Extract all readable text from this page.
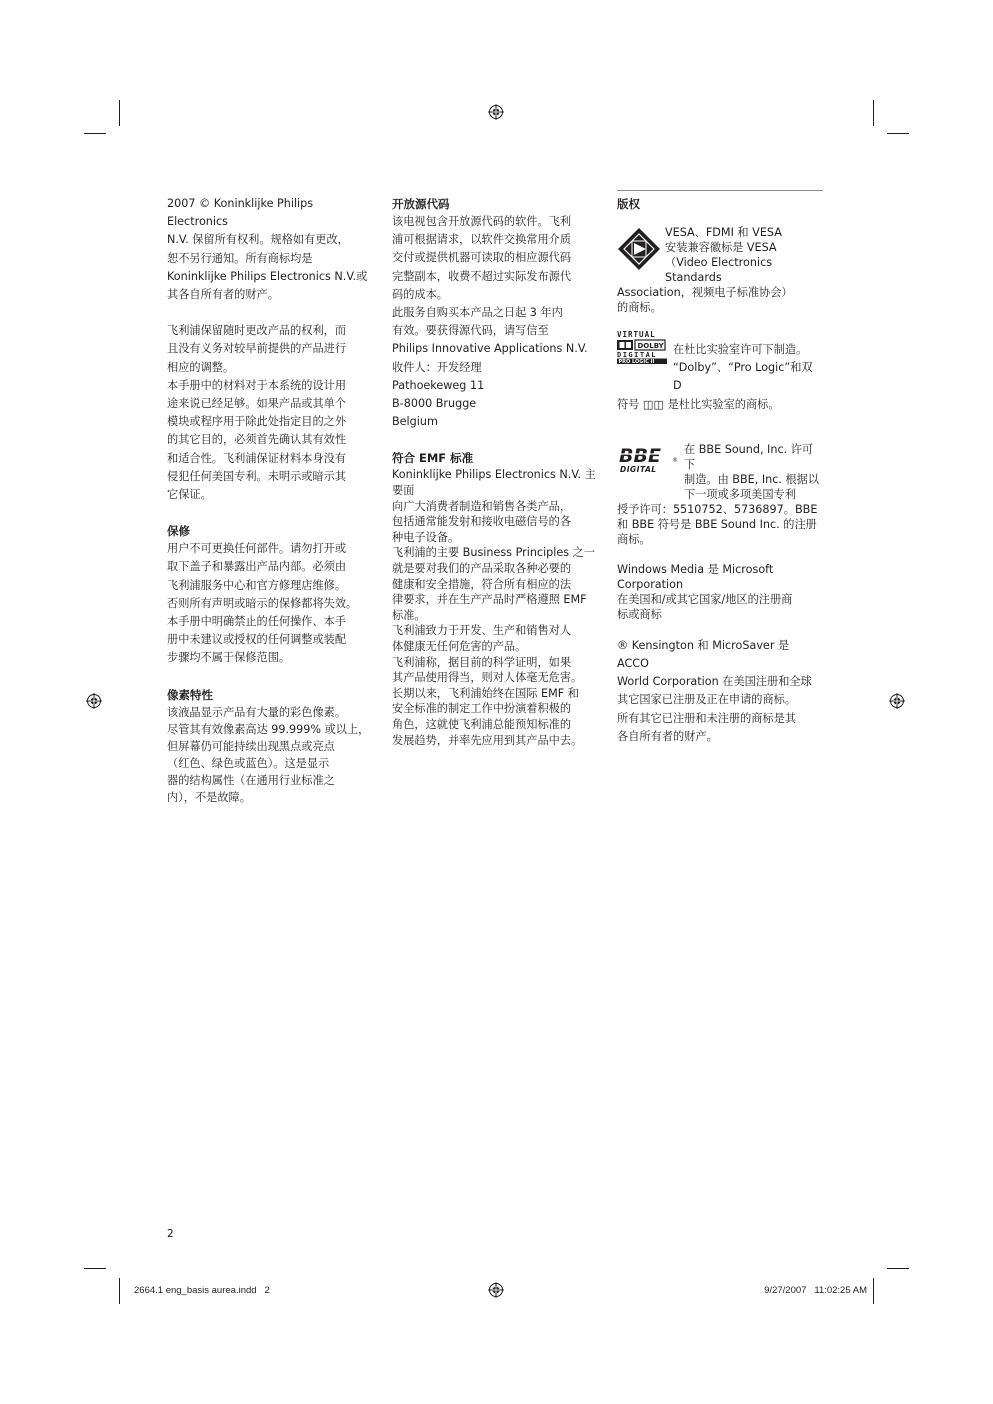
2007 © Koninklijke Philips Electronics
N.V. 保留所有权利。规格如有更改，
恕不另行通知。所有商标均是
Koninklijke Philips Electronics N.V.或
其各自所有者的财产。

飞利浦保留随时更改产品的权利，而
且没有义务对较早前提供的产品进行
相应的调整。

本手册中的材料对于本系统的设计用
途来说已经足够。如果产品或其单个
模块或程序用于除此处指定目的之外
的其它目的，必须首先确认其有效性
和适合性。飞利浦保证材料本身没有
侵犯任何美国专利。未明示或暗示其
它保证。

保修

用户不可更换任何部件。请勿打开或
取下盖子和暴露出产品内部。必须由
飞利浦服务中心和官方修理店维修。
否则所有声明或暗示的保修都将失效。
本手册中明确禁止的任何操作、本手
册中未建议或授权的任何调整或装配
步骤均不属于保修范围。

像素特性

该液晶显示产品有大量的彩色像素。
尽管其有效像素高达 99.999% 或以上，
但屏幕仍可能持续出现黑点或亮点
（红色、绿色或蓝色）。这是显示
器的结构属性（在通用行业标准之
内），不是故障。

开放源代码

该电视包含开放源代码的软件。飞利
浦可根据请求，以软件交换常用介质
交付或提供机器可读取的相应源代码
完整副本，收费不超过实际发布源代
码的成本。

此服务自购买本产品之日起 3 年内
有效。要获得源代码，请写信至

Philips Innovative Applications N.V.

收件人：开发经理

Pathoekeweg 11

B-8000 Brugge

Belgium

符合 EMF 标准

Koninklijke Philips Electronics N.V. 主要面
向广大消费者制造和销售各类产品，
包括通常能发射和接收电磁信号的各
种电子设备。

飞利浦的主要 Business Principles 之一
就是要对我们的产品采取各种必要的
健康和安全措施，符合所有相应的法
律要求，并在生产产品时严格遵照 EMF
标准。

飞利浦致力于开发、生产和销售对人
体健康无任何危害的产品。

飞利浦称，据目前的科学证明，如果
其产品使用得当，则对人体毫无危害。
长期以来，飞利浦始终在国际 EMF 和
安全标准的制定工作中扮演着积极的
角色，这就使飞利浦总能预知标准的
发展趋势，并率先应用到其产品中去。

版权

VESA、FDMI 和 VESA
安装兼容徽标是 VESA
（Video Electronics Standards

Association，视频电子标准协会）
的商标。

VIRTUAL
DOLBY
DIGITAL
PRO LOGIC II

在杜比实验室许可下制造。
“Dolby”、“Pro Logic”和双 D

符号 ◫◫ 是杜比实验室的商标。

BBE ®
DIGITAL

在 BBE Sound, Inc. 许可下
制造。由 BBE, Inc. 根据以
下一项或多项美国专利

授予许可：5510752、5736897。BBE
和 BBE 符号是 BBE Sound Inc. 的注册
商标。

Windows Media 是 Microsoft Corporation
在美国和/或其它国家/地区的注册商
标或商标

® Kensington 和 MicroSaver 是 ACCO
World Corporation 在美国注册和全球
其它国家已注册及正在申请的商标。
所有其它已注册和未注册的商标是其
各自所有者的财产。

2
2664.1 eng_basis aurea.indd   2	9/27/2007   11:02:25 AM
